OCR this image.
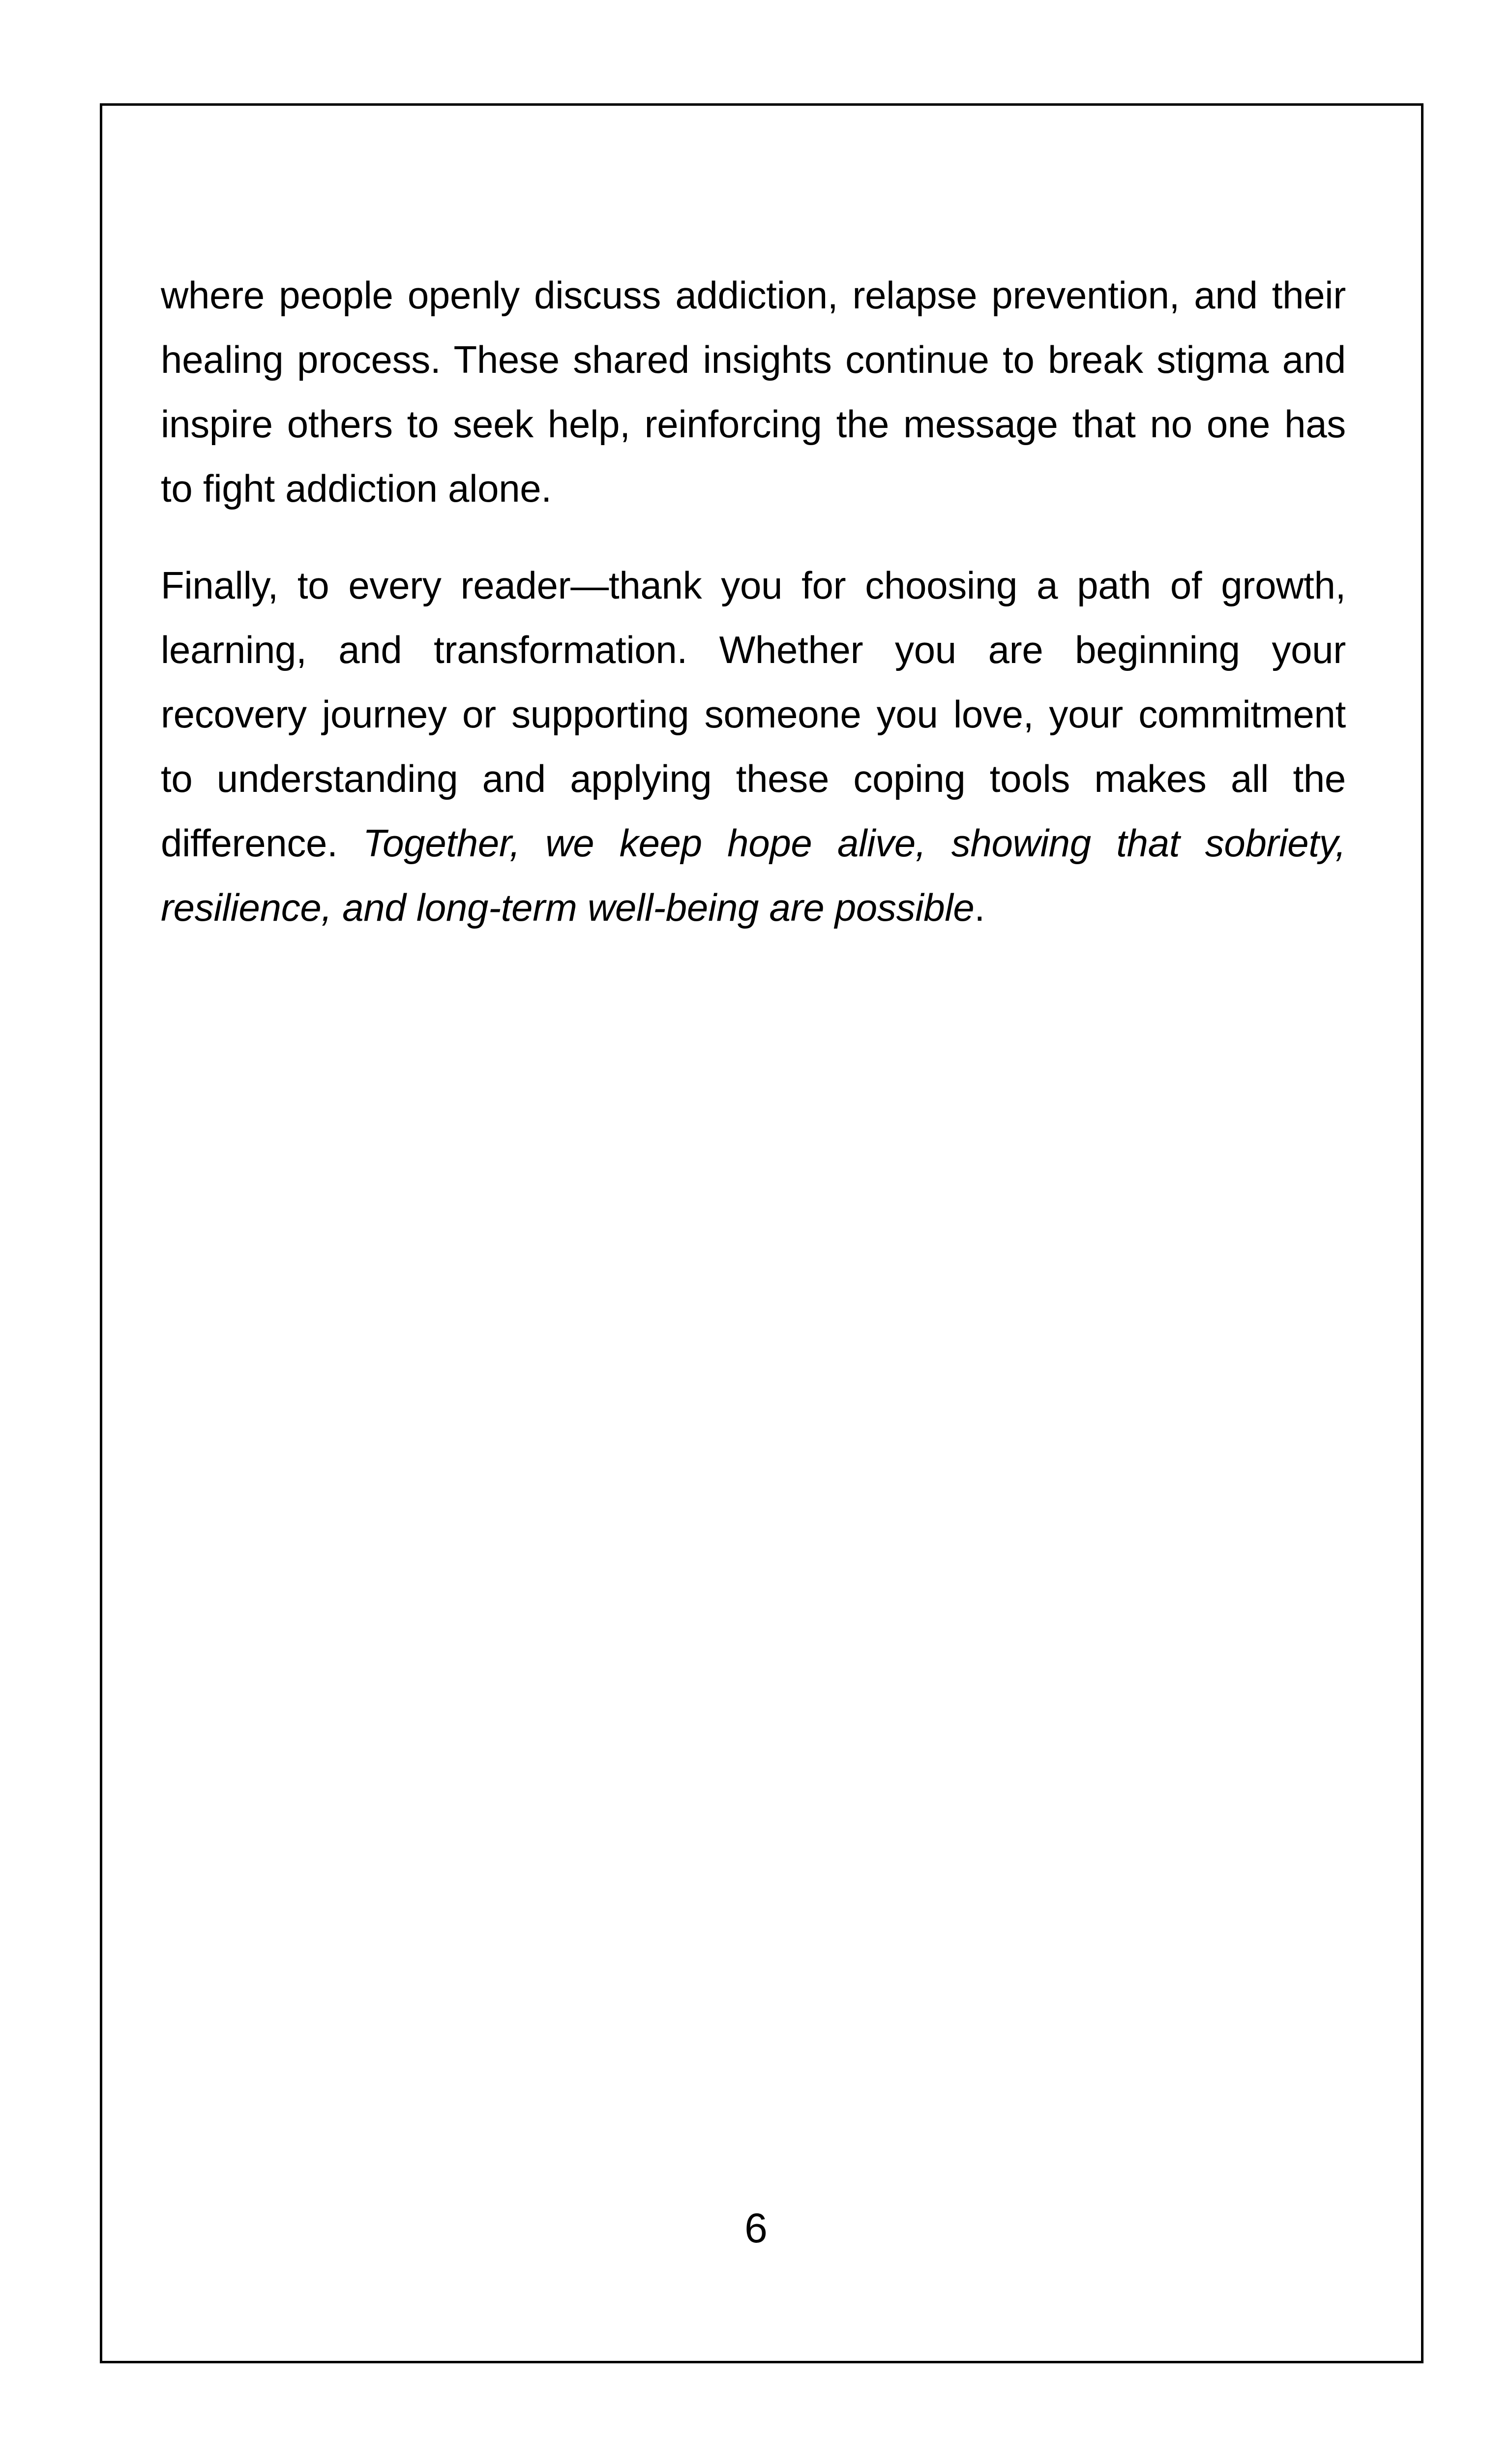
where people openly discuss addiction, relapse prevention, and their healing process. These shared insights continue to break stigma and inspire others to seek help, reinforcing the message that no one has to fight addiction alone.

Finally, to every reader—thank you for choosing a path of growth, learning, and transformation. Whether you are beginning your recovery journey or supporting someone you love, your commitment to understanding and applying these coping tools makes all the difference. Together, we keep hope alive, showing that sobriety, resilience, and long-term well-being are possible.

6
